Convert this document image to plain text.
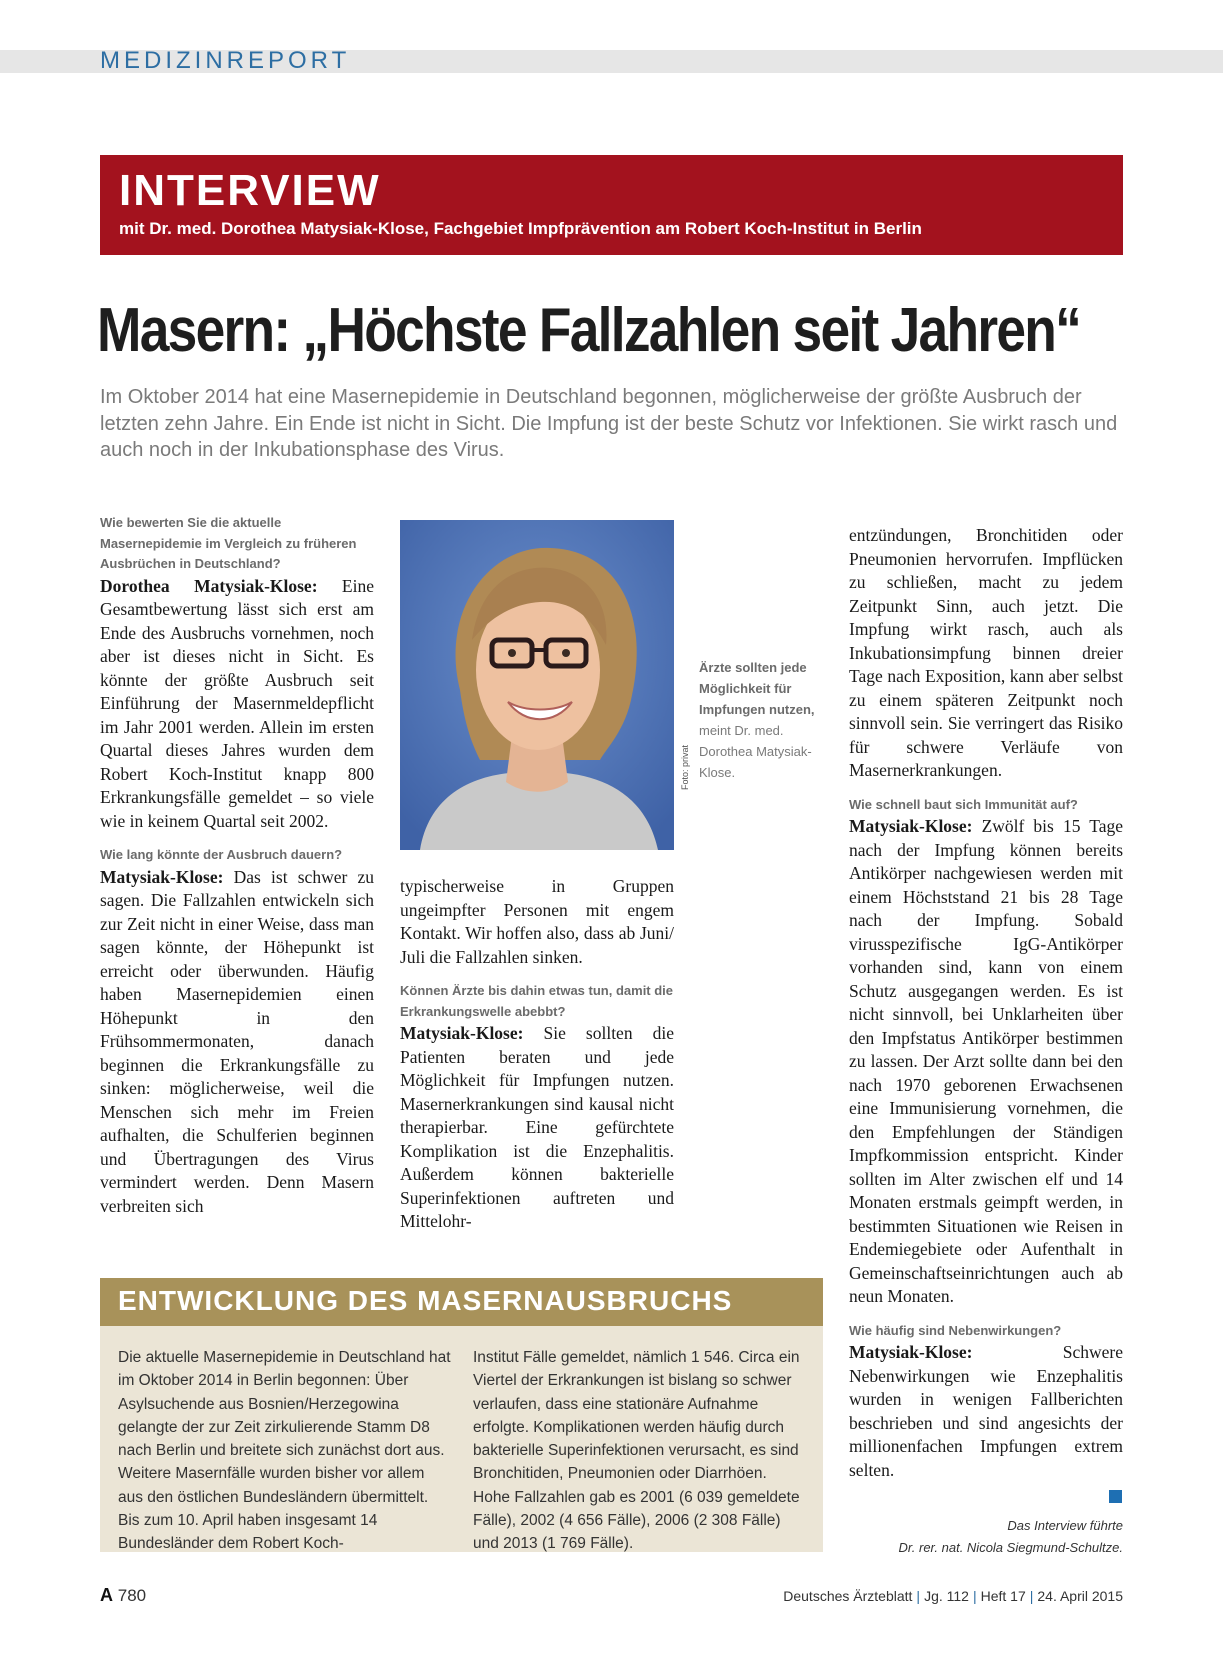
MEDIZINREPORT
INTERVIEW
mit Dr. med. Dorothea Matysiak-Klose, Fachgebiet Impfprävention am Robert Koch-Institut in Berlin
Masern: „Höchste Fallzahlen seit Jahren“
Im Oktober 2014 hat eine Masernepidemie in Deutschland begonnen, möglicherweise der größte Ausbruch der letzten zehn Jahre. Ein Ende ist nicht in Sicht. Die Impfung ist der beste Schutz vor Infektionen. Sie wirkt rasch und auch noch in der Inkubationsphase des Virus.

Wie bewerten Sie die aktuelle Masernepidemie im Vergleich zu früheren Ausbrüchen in Deutschland?

Dorothea Matysiak-Klose: Eine Gesamtbewertung lässt sich erst am Ende des Ausbruchs vornehmen, noch aber ist dieses nicht in Sicht. Es könnte der größte Ausbruch seit Einführung der Masernmeldepflicht im Jahr 2001 werden. Allein im ersten Quartal dieses Jahres wurden dem Robert Koch-Institut knapp 800 Erkrankungsfälle gemeldet – so viele wie in keinem Quartal seit 2002.

Wie lang könnte der Ausbruch dauern?

Matysiak-Klose: Das ist schwer zu sagen. Die Fallzahlen entwickeln sich zur Zeit nicht in einer Weise, dass man sagen könnte, der Höhepunkt ist erreicht oder überwunden. Häufig haben Masernepidemien einen Höhepunkt in den Frühsommermonaten, danach beginnen die Erkrankungsfälle zu sinken: möglicherweise, weil die Menschen sich mehr im Freien aufhalten, die Schulferien beginnen und Übertragungen des Virus vermindert werden. Denn Masern verbreiten sich

Foto: privat
Ärzte sollten jede Möglichkeit für Impfungen nutzen, meint Dr. med. Dorothea Matysiak-Klose.

typischerweise in Gruppen ungeimpfter Personen mit engem Kontakt. Wir hoffen also, dass ab Juni/ Juli die Fallzahlen sinken.

Können Ärzte bis dahin etwas tun, damit die Erkrankungswelle abebbt?

Matysiak-Klose: Sie sollten die Patienten beraten und jede Möglichkeit für Impfungen nutzen. Masernerkrankungen sind kausal nicht therapierbar. Eine gefürchtete Komplikation ist die Enzephalitis. Außerdem können bakterielle Superinfektionen auftreten und Mittelohr-

entzündungen, Bronchitiden oder Pneumonien hervorrufen. Impflücken zu schließen, macht zu jedem Zeitpunkt Sinn, auch jetzt. Die Impfung wirkt rasch, auch als Inkubationsimpfung binnen dreier Tage nach Exposition, kann aber selbst zu einem späteren Zeitpunkt noch sinnvoll sein. Sie verringert das Risiko für schwere Verläufe von Masernerkrankungen.

Wie schnell baut sich Immunität auf?

Matysiak-Klose: Zwölf bis 15 Tage nach der Impfung können bereits Antikörper nachgewiesen werden mit einem Höchststand 21 bis 28 Tage nach der Impfung. Sobald virusspezifische IgG-Antikörper vorhanden sind, kann von einem Schutz ausgegangen werden. Es ist nicht sinnvoll, bei Unklarheiten über den Impfstatus Antikörper bestimmen zu lassen. Der Arzt sollte dann bei den nach 1970 geborenen Erwachsenen eine Immunisierung vornehmen, die den Empfehlungen der Ständigen Impfkommission entspricht. Kinder sollten im Alter zwischen elf und 14 Monaten erstmals geimpft werden, in bestimmten Situationen wie Reisen in Endemiegebiete oder Aufenthalt in Gemeinschaftseinrichtungen auch ab neun Monaten.

Wie häufig sind Nebenwirkungen?

Matysiak-Klose: Schwere Nebenwirkungen wie Enzephalitis wurden in wenigen Fallberichten beschrieben und sind angesichts der millionenfachen Impfungen extrem selten.

Das Interview führte
Dr. rer. nat. Nicola Siegmund-Schultze.
ENTWICKLUNG DES MASERNAUSBRUCHS
Die aktuelle Masernepidemie in Deutschland hat im Oktober 2014 in Berlin begonnen: Über Asylsuchende aus Bosnien/Herzegowina gelangte der zur Zeit zirkulierende Stamm D8 nach Berlin und breitete sich zunächst dort aus. Weitere Masernfälle wurden bisher vor allem aus den östlichen Bundesländern übermittelt. Bis zum 10. April haben insgesamt 14 Bundesländer dem Robert Koch-
Institut Fälle gemeldet, nämlich 1 546. Circa ein Viertel der Erkrankungen ist bislang so schwer verlaufen, dass eine stationäre Aufnahme erfolgte. Komplikationen werden häufig durch bakterielle Superinfektionen verursacht, es sind Bronchitiden, Pneumonien oder Diarrhöen. Hohe Fallzahlen gab es 2001 (6 039 gemeldete Fälle), 2002 (4 656 Fälle), 2006 (2 308 Fälle) und 2013 (1 769 Fälle).
A 780	Deutsches Ärzteblatt | Jg. 112 | Heft 17 | 24. April 2015
